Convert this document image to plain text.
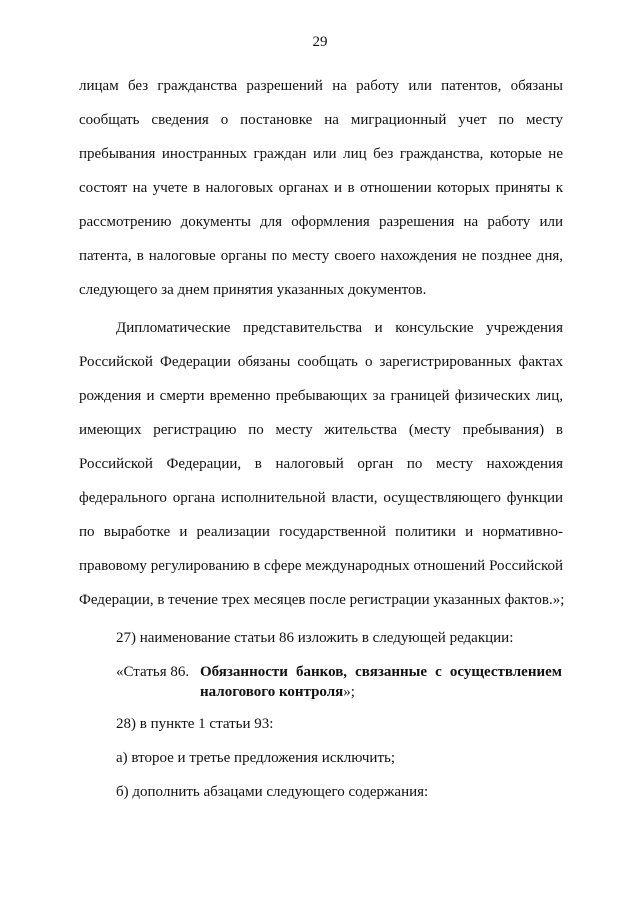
29
лицам без гражданства разрешений на работу или патентов, обязаны
сообщать сведения о постановке на миграционный учет по месту
пребывания иностранных граждан или лиц без гражданства, которые не
состоят на учете в налоговых органах и в отношении которых приняты к
рассмотрению документы для оформления разрешения на работу или
патента, в налоговые органы по месту своего нахождения не позднее дня,
следующего за днем принятия указанных документов.
Дипломатические представительства и консульские учреждения
Российской Федерации обязаны сообщать о зарегистрированных фактах
рождения и смерти временно пребывающих за границей физических лиц,
имеющих регистрацию по месту жительства (месту пребывания) в
Российской Федерации, в налоговый орган по месту нахождения
федерального органа исполнительной власти, осуществляющего функции
по выработке и реализации государственной политики и нормативно-
правовому регулированию в сфере международных отношений Российской
Федерации, в течение трех месяцев после регистрации указанных фактов.»;
27) наименование статьи 86 изложить в следующей редакции:
«Статья 86. Обязанности банков, связанные с осуществлением
налогового контроля»;
28) в пункте 1 статьи 93:
а) второе и третье предложения исключить;
б) дополнить абзацами следующего содержания:
